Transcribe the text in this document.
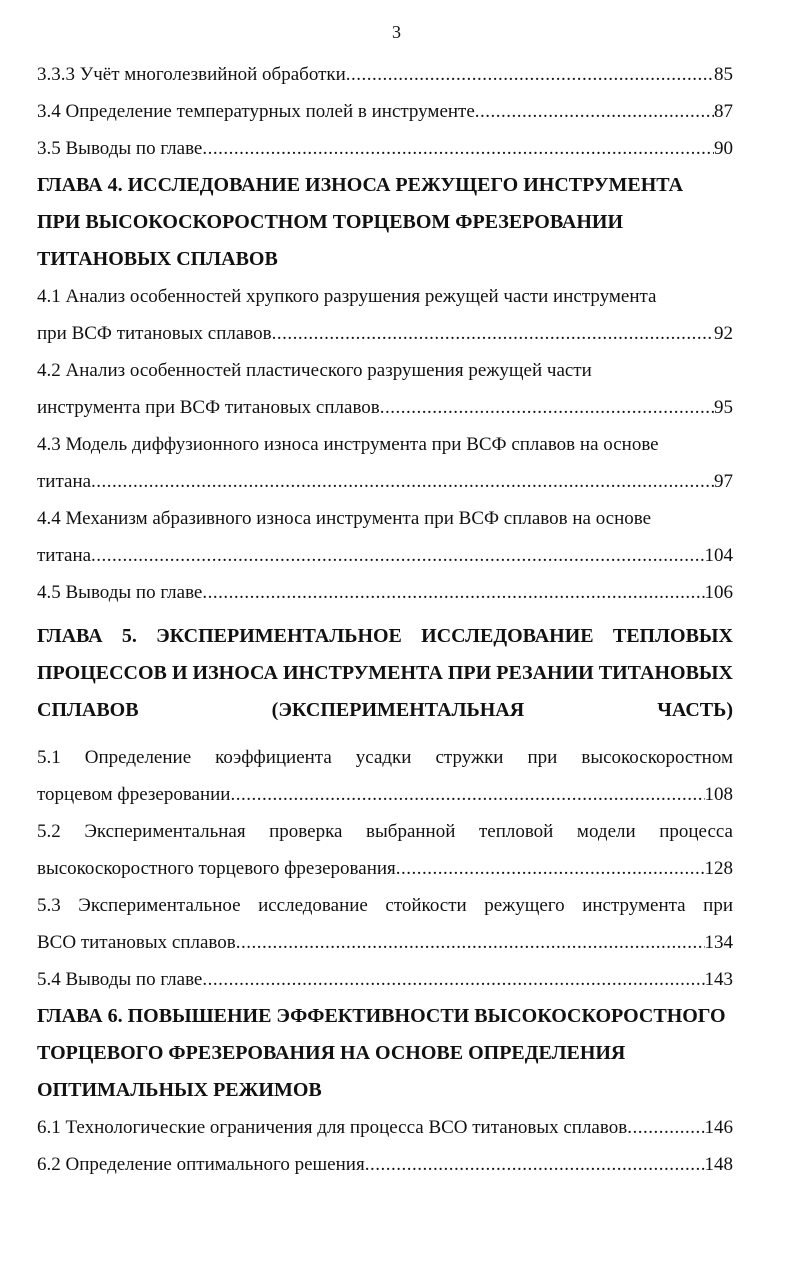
3
3.3.3 Учёт многолезвийной обработки .....	85
3.4 Определение температурных полей в инструменте .....	87
3.5 Выводы по главе .....	90
ГЛАВА 4. ИССЛЕДОВАНИЕ ИЗНОСА РЕЖУЩЕГО ИНСТРУМЕНТА ПРИ ВЫСОКОСКОРОСТНОМ ТОРЦЕВОМ ФРЕЗЕРОВАНИИ ТИТАНОВЫХ СПЛАВОВ
4.1 Анализ особенностей хрупкого разрушения режущей части инструмента
при ВСФ титановых сплавов .....	92
4.2 Анализ особенностей пластического разрушения режущей части
инструмента при ВСФ титановых сплавов .....	95
4.3 Модель диффузионного износа инструмента при ВСФ сплавов на основе
титана .....	97
4.4 Механизм абразивного износа инструмента при ВСФ сплавов на основе
титана .....	104
4.5 Выводы по главе .....	106
ГЛАВА 5. ЭКСПЕРИМЕНТАЛЬНОЕ ИССЛЕДОВАНИЕ ТЕПЛОВЫХ ПРОЦЕССОВ И ИЗНОСА ИНСТРУМЕНТА ПРИ РЕЗАНИИ ТИТАНОВЫХ СПЛАВОВ (ЭКСПЕРИМЕНТАЛЬНАЯ ЧАСТЬ)
5.1 Определение коэффициента усадки стружки при высокоскоростном
торцевом фрезеровании .....	108
5.2 Экспериментальная проверка выбранной тепловой модели процесса
высокоскоростного торцевого фрезерования .....	128
5.3 Экспериментальное исследование стойкости режущего инструмента при
ВСО титановых сплавов .....	134
5.4 Выводы по главе .....	143
ГЛАВА 6. ПОВЫШЕНИЕ ЭФФЕКТИВНОСТИ ВЫСОКОСКОРОСТНОГО ТОРЦЕВОГО ФРЕЗЕРОВАНИЯ НА ОСНОВЕ ОПРЕДЕЛЕНИЯ ОПТИМАЛЬНЫХ РЕЖИМОВ
6.1 Технологические ограничения для процесса ВСО титановых сплавов .....	146
6.2 Определение оптимального решения .....	148
